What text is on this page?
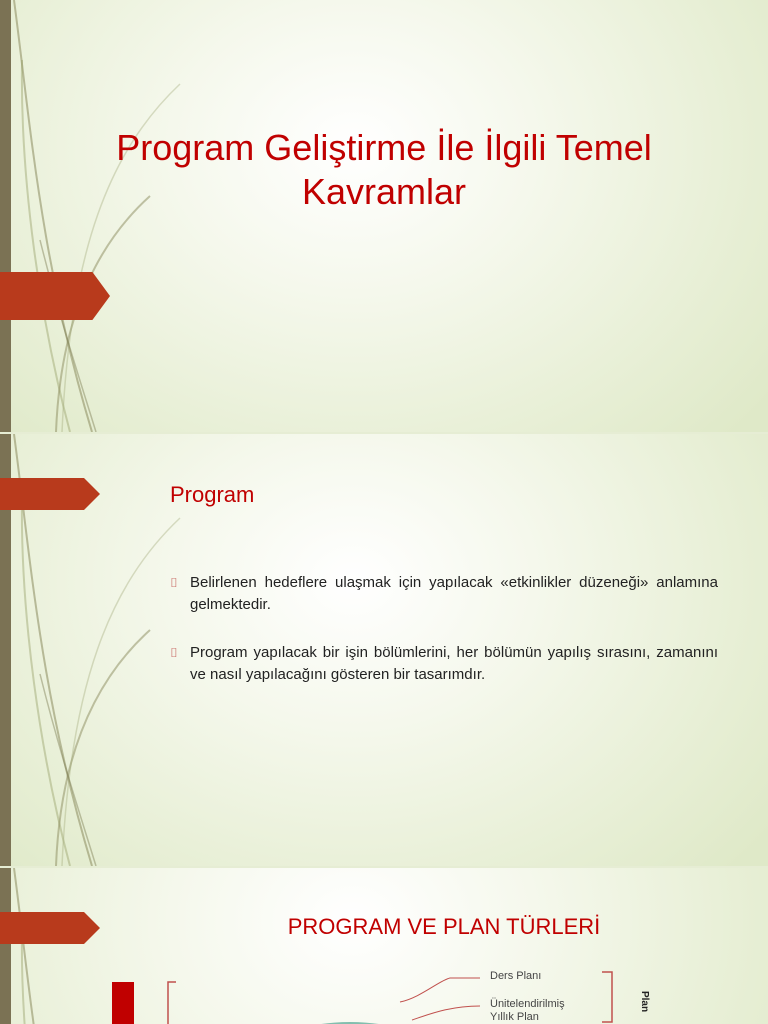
Program Geliştirme İle İlgili Temel Kavramlar
Program
⌷ Belirlenen hedeflere ulaşmak için yapılacak «etkinlikler düzeneği» anlamına gelmektedir.
⌷ Program yapılacak bir işin bölümlerini, her bölümün yapılış sırasını, zamanını ve nasıl yapılacağını gösteren bir tasarımdır.
PROGRAM VE PLAN TÜRLERİ
Ders Planı
Ünitelendirilmiş Yıllık Plan
Plan
